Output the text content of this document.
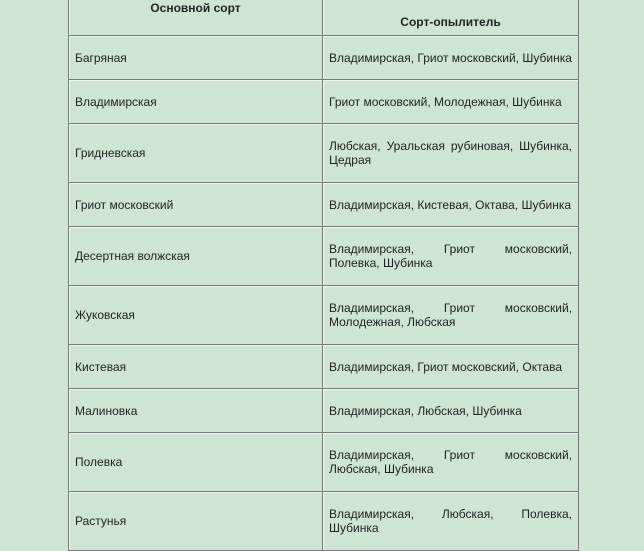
Основной сорт	Сорт-опылитель
Багряная	Владимирская, Гриот московский, Шубинка
Владимирская	Гриот московский, Молодежная, Шубинка
Гридневская	Любская, Уральская рубиновая, Шубинка, Цедрая
Гриот московский	Владимирская, Кистевая, Октава, Шубинка
Десертная волжская	Владимирская, Гриот московский, Полевка, Шубинка
Жуковская	Владимирская, Гриот московский, Молодежная, Любская
Кистевая	Владимирская, Гриот московский, Октава
Малиновка	Владимирская, Любская, Шубинка
Полевка	Владимирская, Гриот московский, Любская, Шубинка
Растунья	Владимирская, Любская, Полевка, Шубинка
